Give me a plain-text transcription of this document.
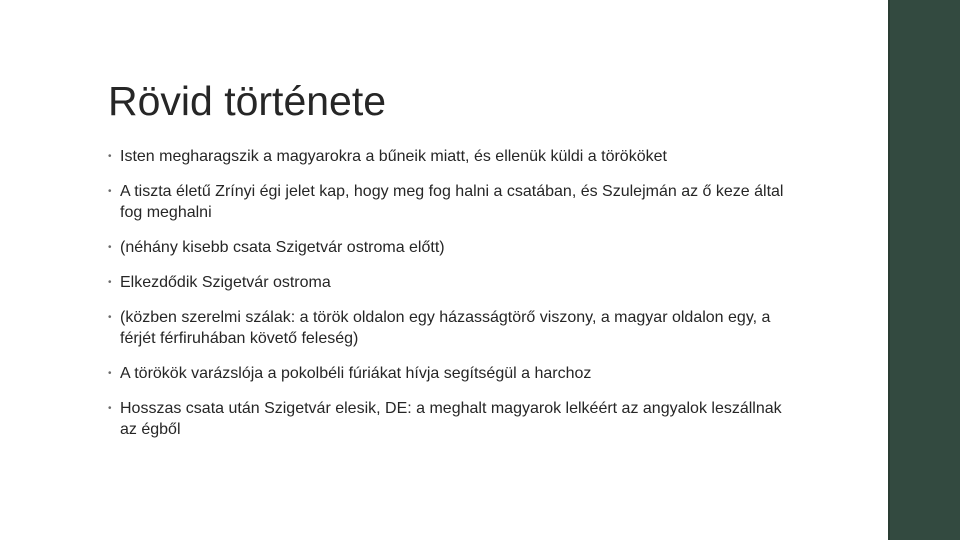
Rövid története
• Isten megharagszik a magyarokra a bűneik miatt, és ellenük küldi a törököket
• A tiszta életű Zrínyi égi jelet kap, hogy meg fog halni a csatában, és Szulejmán az ő keze által fog meghalni
• (néhány kisebb csata Szigetvár ostroma előtt)
• Elkezdődik Szigetvár ostroma
• (közben szerelmi szálak: a török oldalon egy házasságtörő viszony, a magyar oldalon egy, a férjét férfiruhában követő feleség)
• A törökök varázslója a pokolbéli fúriákat hívja segítségül a harchoz
• Hosszas csata után Szigetvár elesik, DE: a meghalt magyarok lelkéért az angyalok leszállnak az égből
